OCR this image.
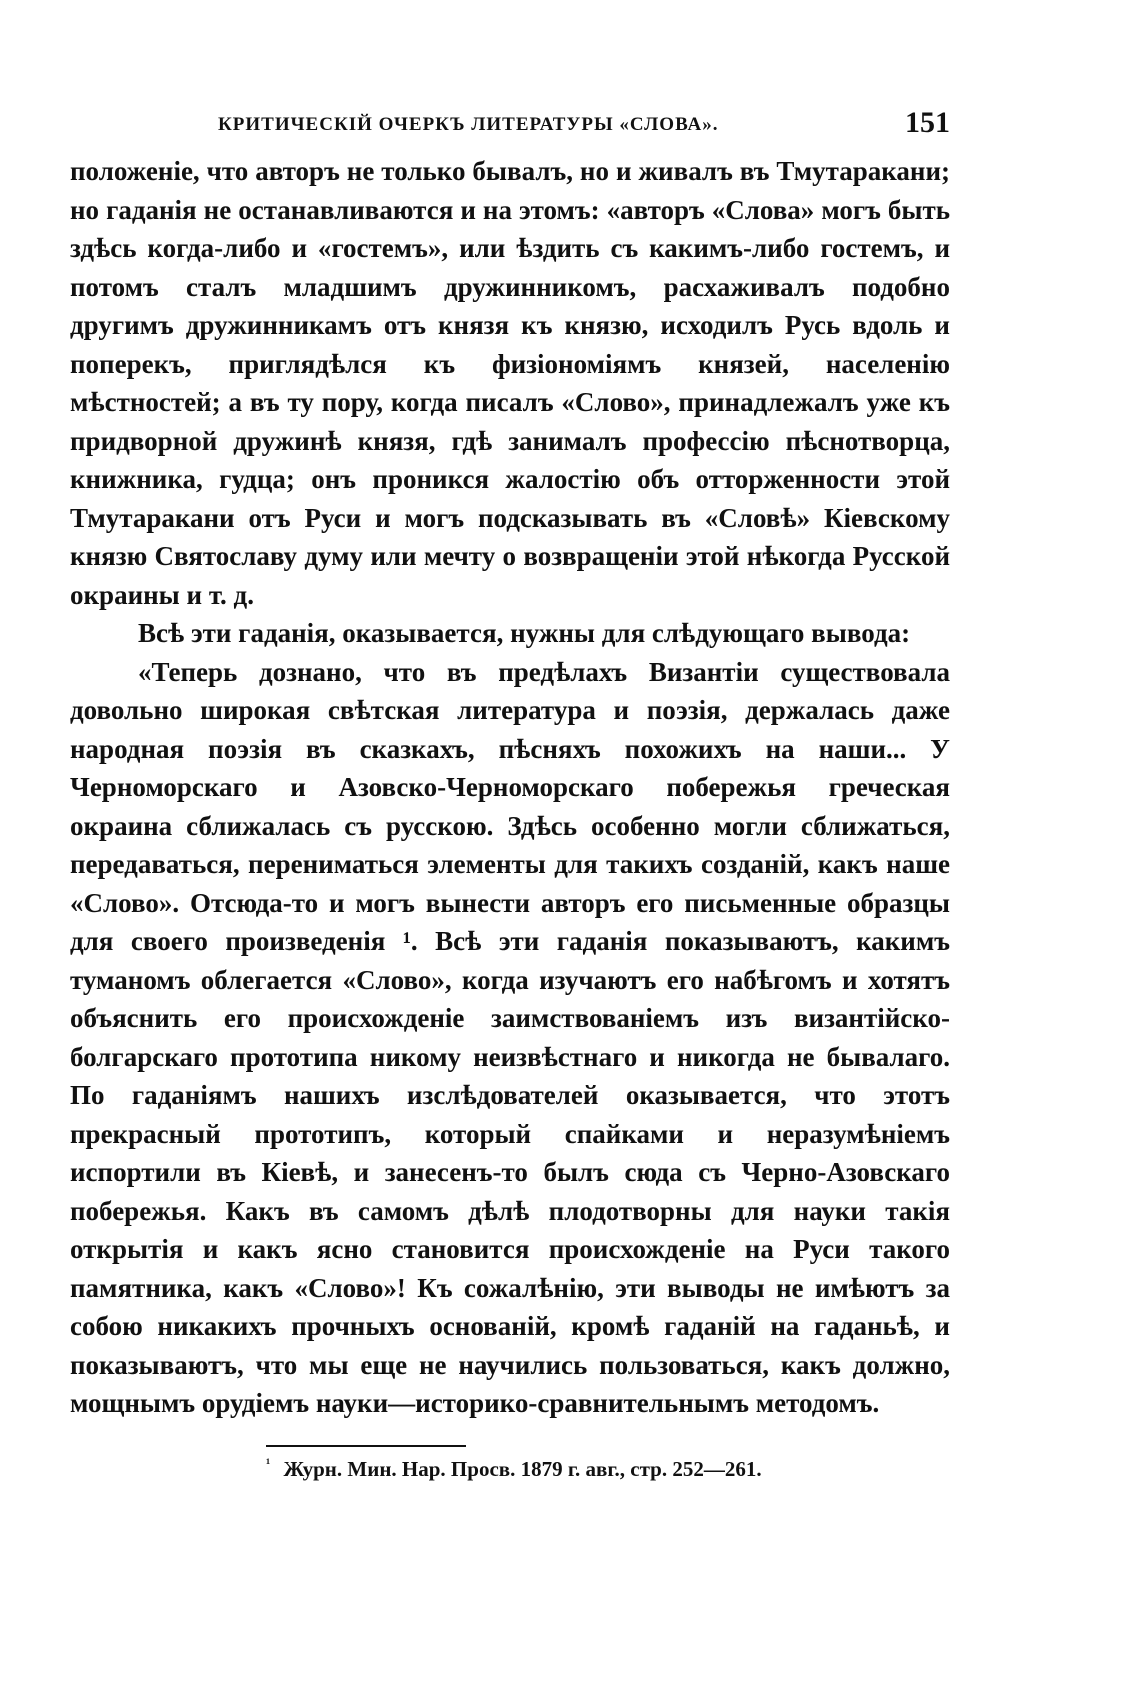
КРИТИЧЕСКІЙ ОЧЕРКЪ ЛИТЕРАТУРЫ «СЛОВА».	151

положеніе, что авторъ не только бывалъ, но и живалъ въ Тмутаракани; но гаданія не останавливаются и на этомъ: «авторъ «Слова» могъ быть здѣсь когда-либо и «гостемъ», или ѣздить съ какимъ-либо гостемъ, и потомъ сталъ младшимъ дружинникомъ, расхаживалъ подобно другимъ дружинникамъ отъ князя къ князю, исходилъ Русь вдоль и поперекъ, приглядѣлся къ физіономіямъ князей, населенію мѣстностей; а въ ту пору, когда писалъ «Слово», принадлежалъ уже къ придворной дружинѣ князя, гдѣ занималъ профессію пѣснотворца, книжника, гудца; онъ проникся жалостію объ отторженности этой Тмутаракани отъ Руси и могъ подсказывать въ «Словѣ» Кіевскому князю Святославу думу или мечту о возвращеніи этой нѣкогда Русской окраины и т. д.

Всѣ эти гаданія, оказывается, нужны для слѣдующаго вывода:

«Теперь дознано, что въ предѣлахъ Византіи существовала довольно широкая свѣтская литература и поэзія, держалась даже народная поэзія въ сказкахъ, пѣсняхъ похожихъ на наши... У Черноморскаго и Азовско-Черноморскаго побережья греческая окраина сближалась съ русскою. Здѣсь особенно могли сближаться, передаваться, перениматься элементы для такихъ созданій, какъ наше «Слово». Отсюда-то и могъ вынести авторъ его письменные образцы для своего произведенія ¹. Всѣ эти гаданія показываютъ, какимъ туманомъ облегается «Слово», когда изучаютъ его набѣгомъ и хотятъ объяснить его происхожденіе заимствованіемъ изъ византійско-болгарскаго прототипа никому неизвѣстнаго и никогда не бывалаго. По гаданіямъ нашихъ изслѣдователей оказывается, что этотъ прекрасный прототипъ, который спайками и неразумѣніемъ испортили въ Кіевѣ, и занесенъ-то былъ сюда съ Черно-Азовскаго побережья. Какъ въ самомъ дѣлѣ плодотворны для науки такія открытія и какъ ясно становится происхожденіе на Руси такого памятника, какъ «Слово»! Къ сожалѣнію, эти выводы не имѣютъ за собою никакихъ прочныхъ основаній, кромѣ гаданій на гаданьѣ, и показываютъ, что мы еще не научились пользоваться, какъ должно, мощнымъ орудіемъ науки—историко-сравнительнымъ методомъ.

$^{^1}$ Журн. Мин. Нар. Просв. 1879 г. авг., стр. 252—261.
